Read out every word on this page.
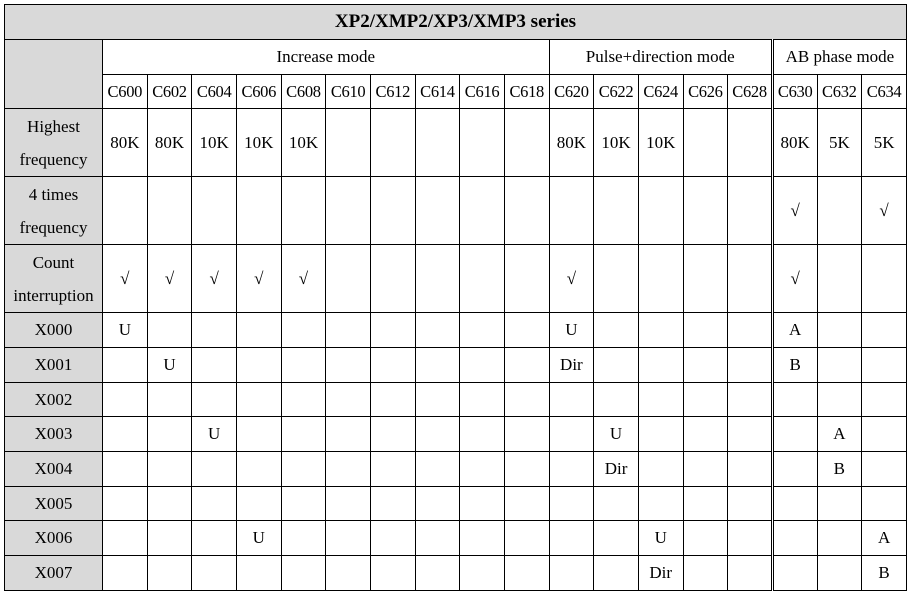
XP2/XMP2/XP3/XMP3 series																		
	Increase mode										Pulse+direction mode					AB phase mode		
	C600	C602	C604	C606	C608	C610	C612	C614	C616	C618	C620	C622	C624	C626	C628	C630	C632	C634
Highest frequency	80K	80K	10K	10K	10K						80K	10K	10K			80K	5K	5K
4 times frequency																√		√
Count interruption	√	√	√	√	√						√					√		
X000	U										U					A		
X001		U									Dir					B		
X002																		
X003			U									U					A	
X004												Dir					B	
X005																		
X006				U									U					A
X007													Dir					B
